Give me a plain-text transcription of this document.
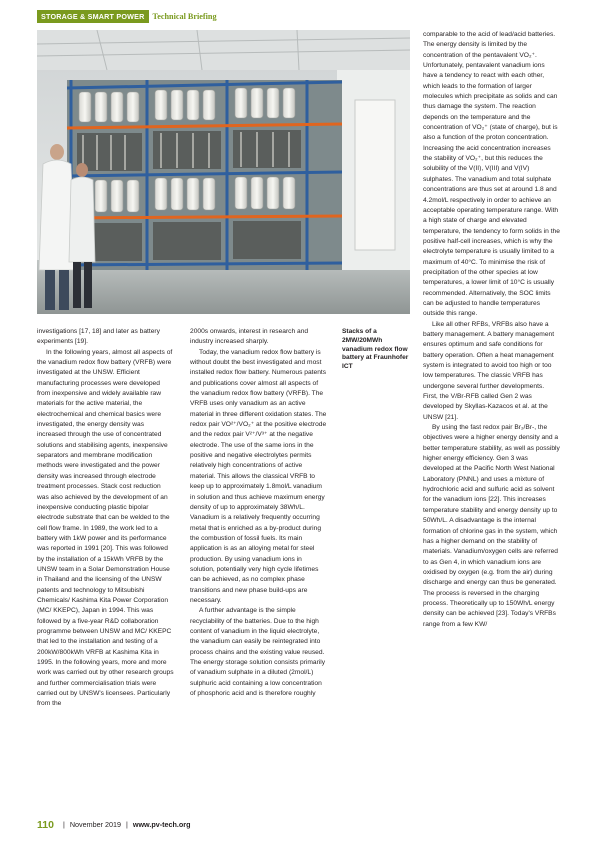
STORAGE & SMART POWER Technical Briefing
Stacks of a 2MW/20MWh vanadium redox flow battery at Fraunhofer ICT

investigations [17, 18] and later as battery experiments [19].

In the following years, almost all aspects of the vanadium redox flow battery (VRFB) were investigated at the UNSW. Efficient manufacturing processes were developed from inexpensive and widely available raw materials for the active material, the electrochemical and chemical basics were investigated, the energy density was increased through the use of concentrated solutions and stabilising agents, inexpensive separators and membrane modification methods were investigated and the power density was increased through electrode treatment processes. Stack cost reduction was also achieved by the development of an inexpensive conducting plastic bipolar electrode substrate that can be welded to the cell flow frame. In 1989, the work led to a battery with 1kW power and its performance was reported in 1991 [20]. This was followed by the installation of a 15kWh VRFB by the UNSW team in a Solar Demonstration House in Thailand and the licensing of the UNSW patents and technology to Mitsubishi Chemicals/ Kashima Kita Power Corporation (MC/ KKEPC), Japan in 1994. This was followed by a five-year R&D collaboration programme between UNSW and MC/ KKEPC that led to the installation and testing of a 200kW/800kWh VRFB at Kashima Kita in 1995. In the following years, more and more work was carried out by other research groups and further commercialisation trials were carried out by UNSW's licensees. Particularly from the

2000s onwards, interest in research and industry increased sharply.

Today, the vanadium redox flow battery is without doubt the best investigated and most installed redox flow battery. Numerous patents and publications cover almost all aspects of the vanadium redox flow battery (VRFB). The VRFB uses only vanadium as an active material in three different oxidation states. The redox pair VO²⁺/VO₂⁺ at the positive electrode and the redox pair V²⁺/V³⁺ at the negative electrode. The use of the same ions in the positive and negative electrolytes permits relatively high concentrations of active material. This allows the classical VRFB to keep up to approximately 1.8mol/L vanadium in solution and thus achieve maximum energy density of up to approximately 38Wh/L. Vanadium is a relatively frequently occurring metal that is enriched as a by-product during the combustion of fossil fuels. Its main application is as an alloying metal for steel production. By using vanadium ions in solution, potentially very high cycle lifetimes can be achieved, as no complex phase transitions and new phase build-ups are necessary.

A further advantage is the simple recyclability of the batteries. Due to the high content of vanadium in the liquid electrolyte, the vanadium can easily be reintegrated into process chains and the existing value reused. The energy storage solution consists primarily of vanadium sulphate in a diluted (2mol/L) sulphuric acid containing a low concentration of phosphoric acid and is therefore roughly

comparable to the acid of lead/acid batteries. The energy density is limited by the concentration of the pentavalent VO₂⁺. Unfortunately, pentavalent vanadium ions have a tendency to react with each other, which leads to the formation of larger molecules which precipitate as solids and can thus damage the system. The reaction depends on the temperature and the concentration of VO₂⁺ (state of charge), but is also a function of the proton concentration. Increasing the acid concentration increases the stability of VO₂⁺, but this reduces the solubility of the V(II), V(III) and V(IV) sulphates. The vanadium and total sulphate concentrations are thus set at around 1.8 and 4.2mol/L respectively in order to achieve an acceptable operating temperature range. With a high state of charge and elevated temperature, the tendency to form solids in the positive half-cell increases, which is why the electrolyte temperature is usually limited to a maximum of 40°C. To minimise the risk of precipitation of the other species at low temperatures, a lower limit of 10°C is usually recommended. Alternatively, the SOC limits can be adjusted to handle temperatures outside this range.

Like all other RFBs, VRFBs also have a battery management. A battery management ensures optimum and safe conditions for battery operation. Often a heat management system is integrated to avoid too high or too low temperatures. The classic VRFB has undergone several further developments. First, the V/Br-RFB called Gen 2 was developed by Skyllas-Kazacos et al. at the UNSW [21].

By using the fast redox pair Br₂/Br-, the objectives were a higher energy density and a better temperature stability, as well as possibly higher energy efficiency. Gen 3 was developed at the Pacific North West National Laboratory (PNNL) and uses a mixture of hydrochloric acid and sulfuric acid as solvent for the vanadium ions [22]. This increases temperature stability and energy density up to 50Wh/L. A disadvantage is the internal formation of chlorine gas in the system, which has a higher demand on the stability of materials. Vanadium/oxygen cells are referred to as Gen 4, in which vanadium ions are oxidised by oxygen (e.g. from the air) during discharge and energy can thus be generated. The process is reversed in the charging process. Theoretically up to 150Wh/L energy density can be achieved [23]. Today's VRFBs range from a few KW/

110 | November 2019 | www.pv-tech.org
